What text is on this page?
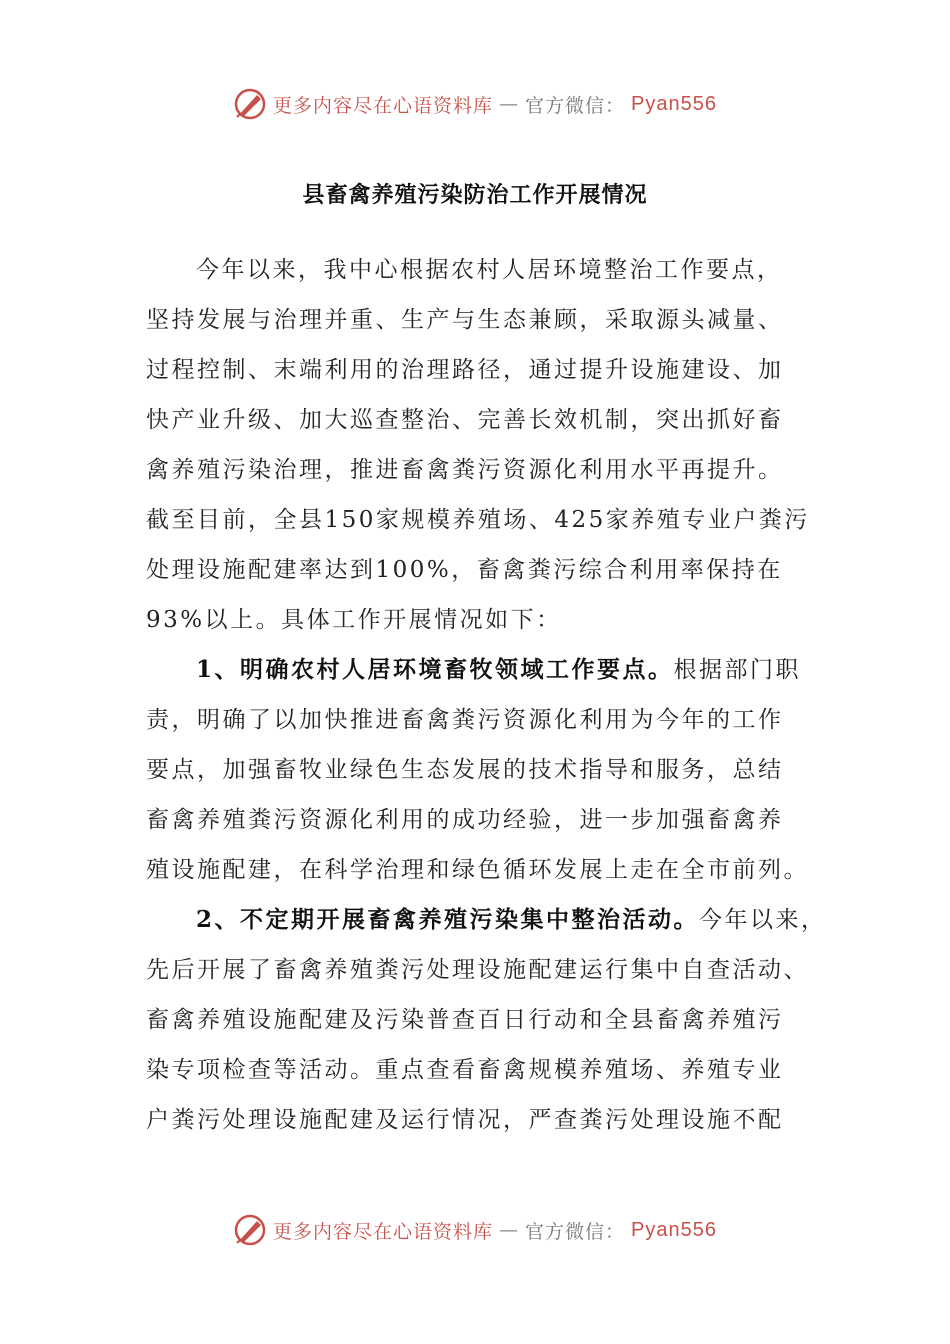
更多内容尽在心语资料库 — 官方微信： Pyan556
县畜禽养殖污染防治工作开展情况
今年以来，我中心根据农村人居环境整治工作要点，
坚持发展与治理并重、生产与生态兼顾，采取源头减量、
过程控制、末端利用的治理路径，通过提升设施建设、加
快产业升级、加大巡查整治、完善长效机制，突出抓好畜
禽养殖污染治理，推进畜禽粪污资源化利用水平再提升。
截至目前，全县150家规模养殖场、425家养殖专业户粪污
处理设施配建率达到100%，畜禽粪污综合利用率保持在
93%以上。具体工作开展情况如下：
1、明确农村人居环境畜牧领域工作要点。根据部门职
责，明确了以加快推进畜禽粪污资源化利用为今年的工作
要点，加强畜牧业绿色生态发展的技术指导和服务，总结
畜禽养殖粪污资源化利用的成功经验，进一步加强畜禽养
殖设施配建，在科学治理和绿色循环发展上走在全市前列。
2、不定期开展畜禽养殖污染集中整治活动。今年以来，
先后开展了畜禽养殖粪污处理设施配建运行集中自查活动、
畜禽养殖设施配建及污染普查百日行动和全县畜禽养殖污
染专项检查等活动。重点查看畜禽规模养殖场、养殖专业
户粪污处理设施配建及运行情况，严查粪污处理设施不配
更多内容尽在心语资料库 — 官方微信： Pyan556
